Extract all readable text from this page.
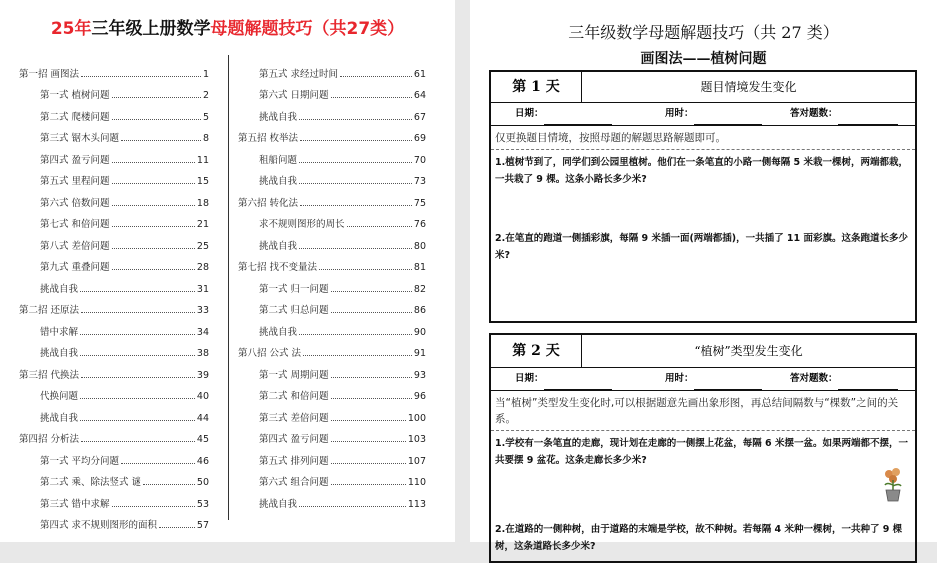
25年三年级上册数学母题解题技巧（共27类）
第一招 画图法	1
第一式 植树问题	2
第二式 爬楼问题	5
第三式 锯木头问题	8
第四式 盈亏问题	11
第五式 里程问题	15
第六式 倍数问题	18
第七式 和倍问题	21
第八式 差倍问题	25
第九式 重叠问题	28
挑战自我	31
第二招 还原法	33
错中求解	34
挑战自我	38
第三招 代换法	39
代换问题	40
挑战自我	44
第四招 分析法	45
第一式 平均分问题	46
第二式 乘、除法竖式 谜	50
第三式 错中求解	53
第四式 求不规则图形的面积	57
第五式 求经过时间	61
第六式 日期问题	64
挑战自我	67
第五招 枚举法	69
租船问题	70
挑战自我	73
第六招 转化法	75
求不规则图形的周长	76
挑战自我	80
第七招 找不变量法	81
第一式 归一问题	82
第二式 归总问题	86
挑战自我	90
第八招 公式 法	91
第一式 周期问题	93
第二式 和倍问题	96
第三式 差倍问题	100
第四式 盈亏问题	103
第五式 排列问题	107
第六式 组合问题	110
挑战自我	113
三年级数学母题解题技巧（共 27 类）
画图法——植树问题
第 1 天	题目情境发生变化
日期：	用时：	答对题数：
仅更换题目情境，按照母题的解题思路解题即可。
1.植树节到了，同学们到公园里植树。他们在一条笔直的小路一侧每隔 5 米栽一棵树，两端都栽，一共栽了 9 棵。这条小路长多少米?
2.在笔直的跑道一侧插彩旗，每隔 9 米插一面(两端都插)，一共插了 11 面彩旗。这条跑道长多少米?
第 2 天	“植树”类型发生变化
日期：	用时：	答对题数：
当“植树”类型发生变化时,可以根据题意先画出象形图，再总结间隔数与“棵数”之间的关系。
1.学校有一条笔直的走廊，现计划在走廊的一侧摆上花盆，每隔 6 米摆一盆。如果两端都不摆，一共要摆 9 盆花。这条走廊长多少米?
2.在道路的一侧种树，由于道路的末端是学校，故不种树。若每隔 4 米种一棵树，一共种了 9 棵树，这条道路长多少米?
